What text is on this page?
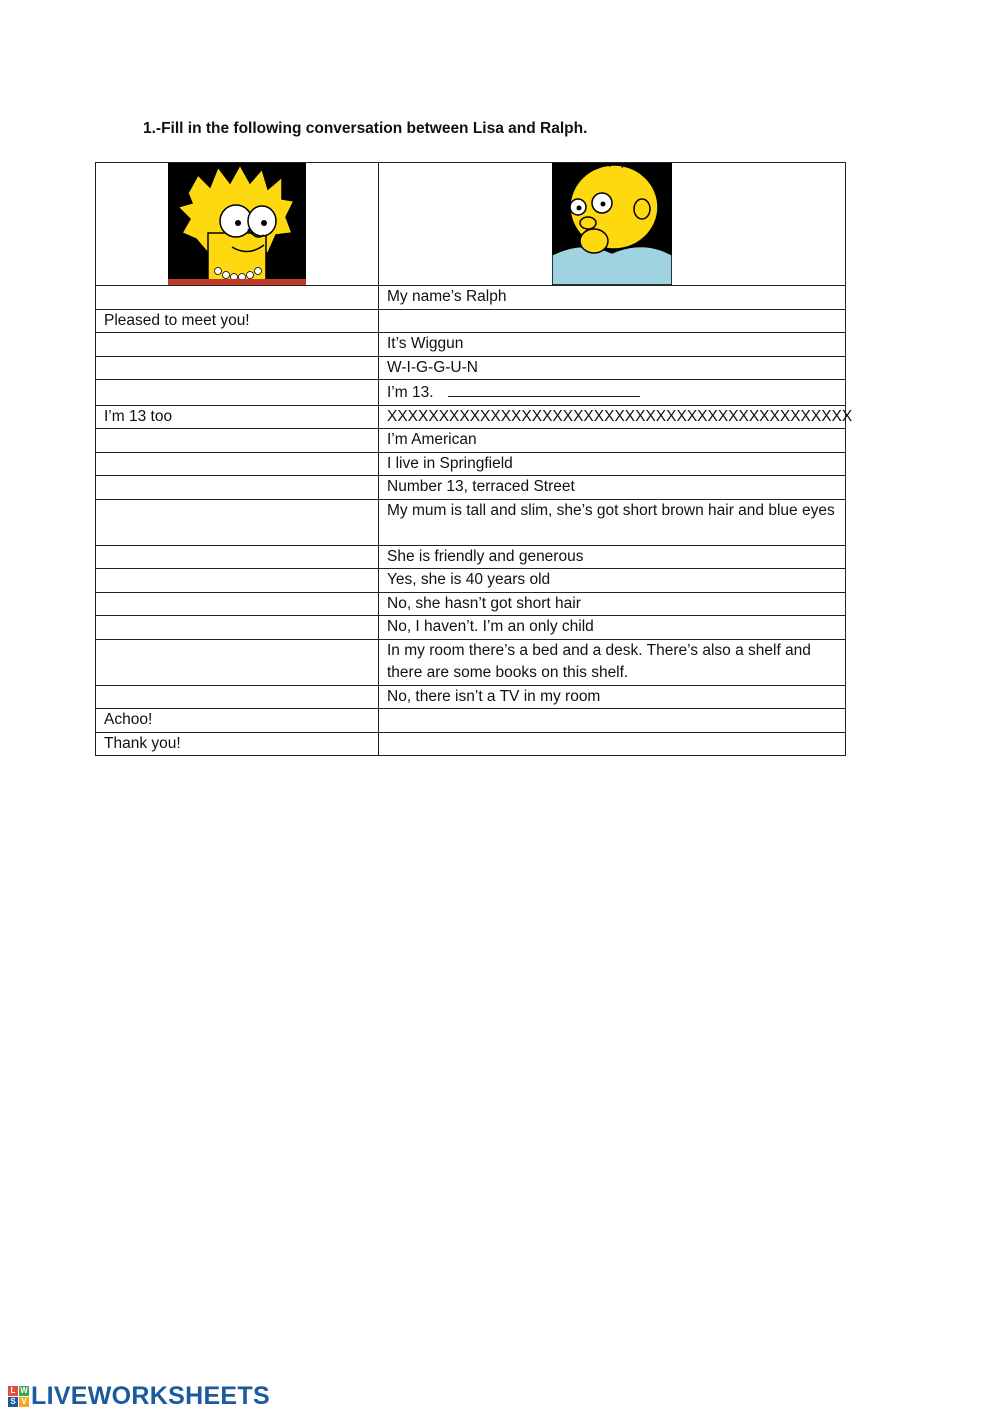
1.-Fill in the following conversation between Lisa and Ralph.

	My name’s Ralph
Pleased to meet you!	
	It’s Wiggun
	W-I-G-G-U-N
	I’m 13.
I’m 13 too	XXXXXXXXXXXXXXXXXXXXXXXXXXXXXXXXXXXXXXXXXXXXX
	I’m American
	I live in Springfield
	Number 13, terraced Street
	My mum is tall and slim, she’s got short brown hair and blue eyes
	She is friendly and generous
	Yes, she is 40 years old
	No, she hasn’t got short hair
	No, I haven’t. I’m an only child
	In my room there’s a bed and a desk. There’s also a shelf and there are some books on this shelf.
	No, there isn’t a TV in my room
Achoo!	
Thank you!	
L W
S V LIVEWORKSHEETS
